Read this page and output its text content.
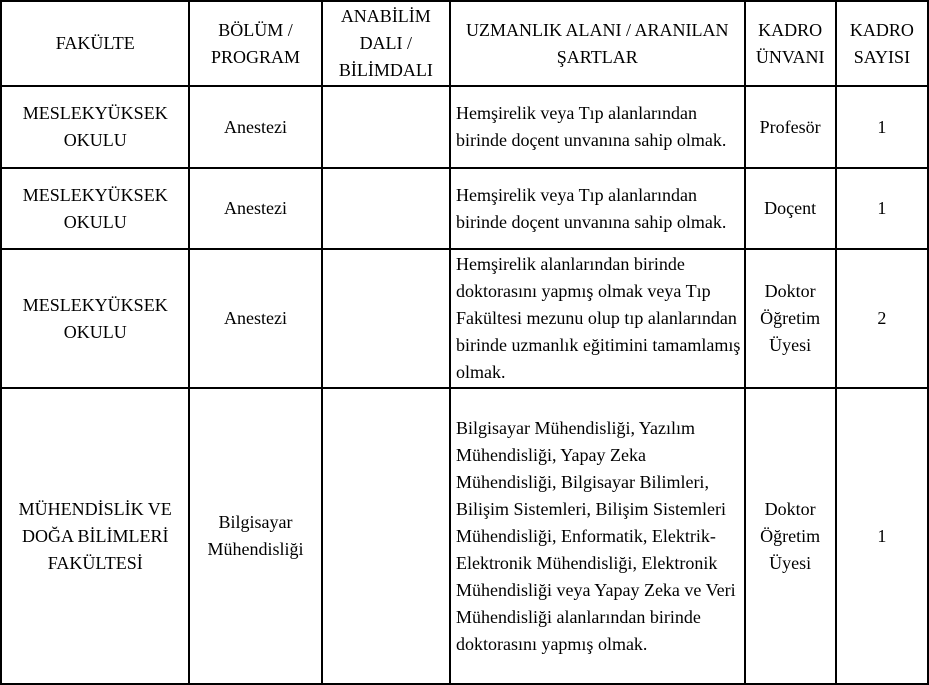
FAKÜLTE	BÖLÜM / PROGRAM	ANABİLİM DALI / BİLİMDALI	UZMANLIK ALANI / ARANILAN ŞARTLAR	KADRO ÜNVANI	KADRO SAYISI
MESLEKYÜKSEK OKULU	Anestezi		Hemşirelik veya Tıp alanlarından birinde doçent unvanına sahip olmak.	Profesör	1
MESLEKYÜKSEK OKULU	Anestezi		Hemşirelik veya Tıp alanlarından birinde doçent unvanına sahip olmak.	Doçent	1
MESLEKYÜKSEK OKULU	Anestezi		Hemşirelik alanlarından birinde doktorasını yapmış olmak veya Tıp Fakültesi mezunu olup tıp alanlarından birinde uzmanlık eğitimini tamamlamış olmak.	Doktor Öğretim Üyesi	2
MÜHENDİSLİK VE DOĞA BİLİMLERİ FAKÜLTESİ	Bilgisayar Mühendisliği		Bilgisayar Mühendisliği, Yazılım Mühendisliği, Yapay Zeka Mühendisliği, Bilgisayar Bilimleri, Bilişim Sistemleri, Bilişim Sistemleri Mühendisliği, Enformatik, Elektrik-Elektronik Mühendisliği, Elektronik Mühendisliği veya Yapay Zeka ve Veri Mühendisliği alanlarından birinde doktorasını yapmış olmak.	Doktor Öğretim Üyesi	1
